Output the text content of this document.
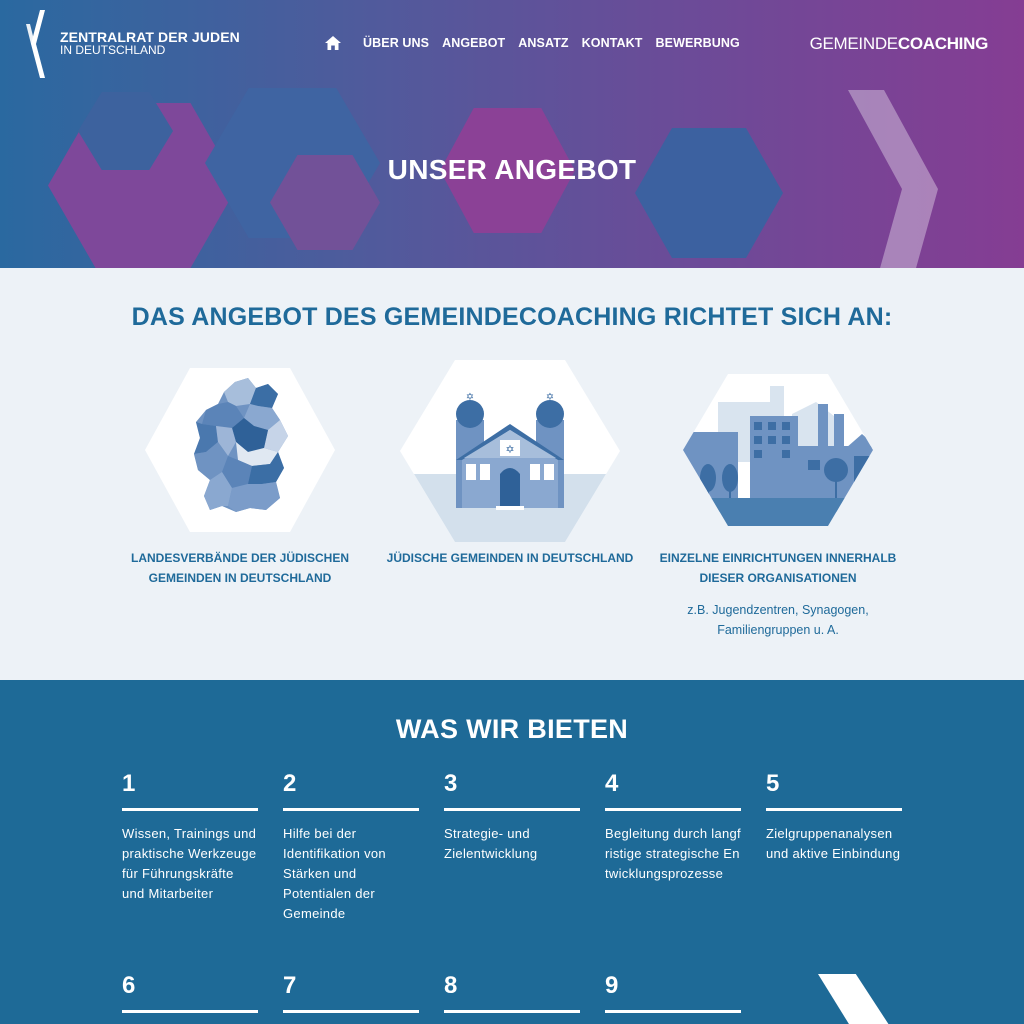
ZENTRALRAT DER JUDEN
IN DEUTSCHLAND	ÜBER UNS ANGEBOT ANSATZ KONTAKT BEWERBUNG	GEMEINDECOACHING
UNSER ANGEBOT
DAS ANGEBOT DES GEMEINDECOACHING RICHTET SICH AN:
LANDESVERBÄNDE DER JÜDISCHEN
GEMEINDEN IN DEUTSCHLAND
✡	✡
✡
JÜDISCHE GEMEINDEN IN DEUTSCHLAND	EINZELNE EINRICHTUNGEN INNERHALB
DIESER ORGANISATIONEN
z.B. Jugendzentren, Synagogen,
Familiengruppen u. A.
WAS WIR BIETEN
1
Wissen, Trainings und praktische Werkzeuge für Führungskräfte und Mitarbeiter
2
Hilfe bei der Identifikation von Stärken und Potentialen der Gemeinde
3
Strategie- und Zielentwicklung
4
Begleitung durch langfristige strategische Entwicklungsprozesse
5
Zielgruppenanalysen und aktive Einbindung
6	7	8	9
